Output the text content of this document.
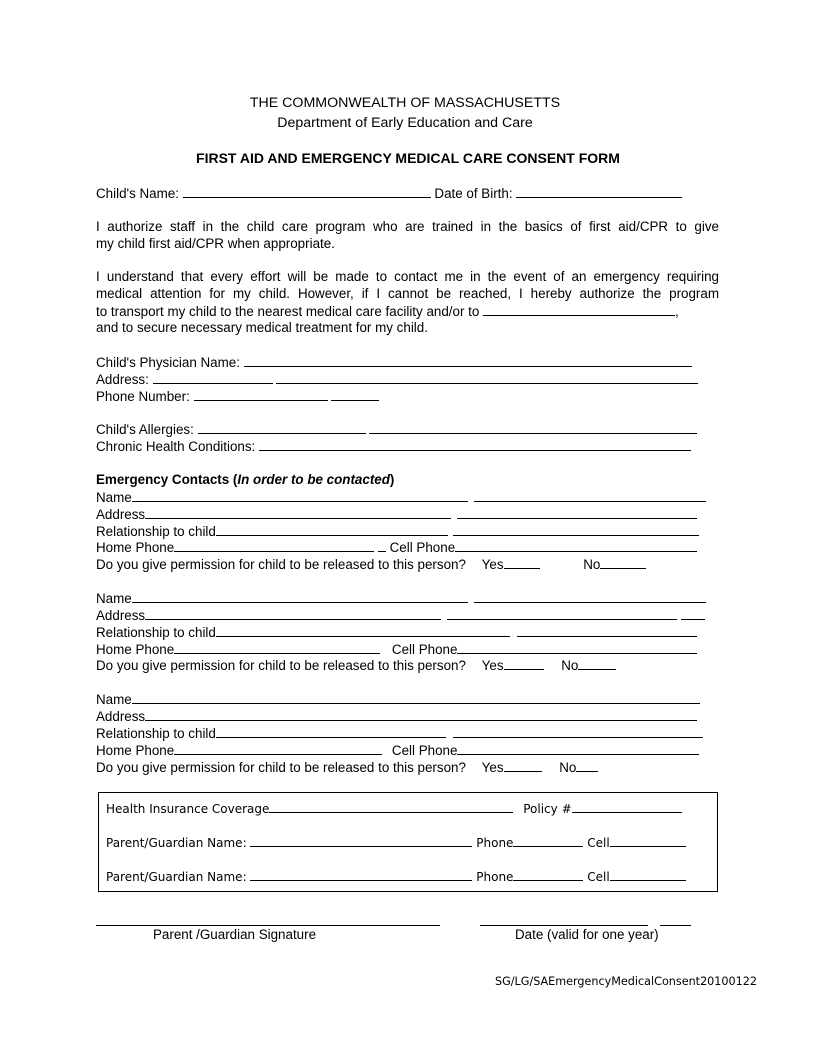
THE COMMONWEALTH OF MASSACHUSETTS
Department of Early Education and Care
FIRST AID AND EMERGENCY MEDICAL CARE CONSENT FORM
Child's Name:	Date of Birth:
I authorize staff in the child care program who are trained in the basics of first aid/CPR to give
my child first aid/CPR when appropriate.
I understand that every effort will be made to contact me in the event of an emergency requiring
medical attention for my child. However, if I cannot be reached, I hereby authorize the program
to transport my child to the nearest medical care facility and/or to	,
and to secure necessary medical treatment for my child.
Child's Physician Name:
Address:
Phone Number:
Child's Allergies:
Chronic Health Conditions:
Emergency Contacts (In order to be contacted)
Name
Address
Relationship to child
Home Phone	Cell Phone
Do you give permission for child to be released to this person? Yes	No
Name
Address
Relationship to child
Home Phone	Cell Phone
Do you give permission for child to be released to this person? Yes	No
Name
Address
Relationship to child
Home Phone	Cell Phone
Do you give permission for child to be released to this person? Yes	No
Health Insurance Coverage	Policy #
Parent/Guardian Name:	Phone	Cell
Parent/Guardian Name:	Phone	Cell
Parent /Guardian Signature	Date (valid for one year)
SG/LG/SAEmergencyMedicalConsent20100122
